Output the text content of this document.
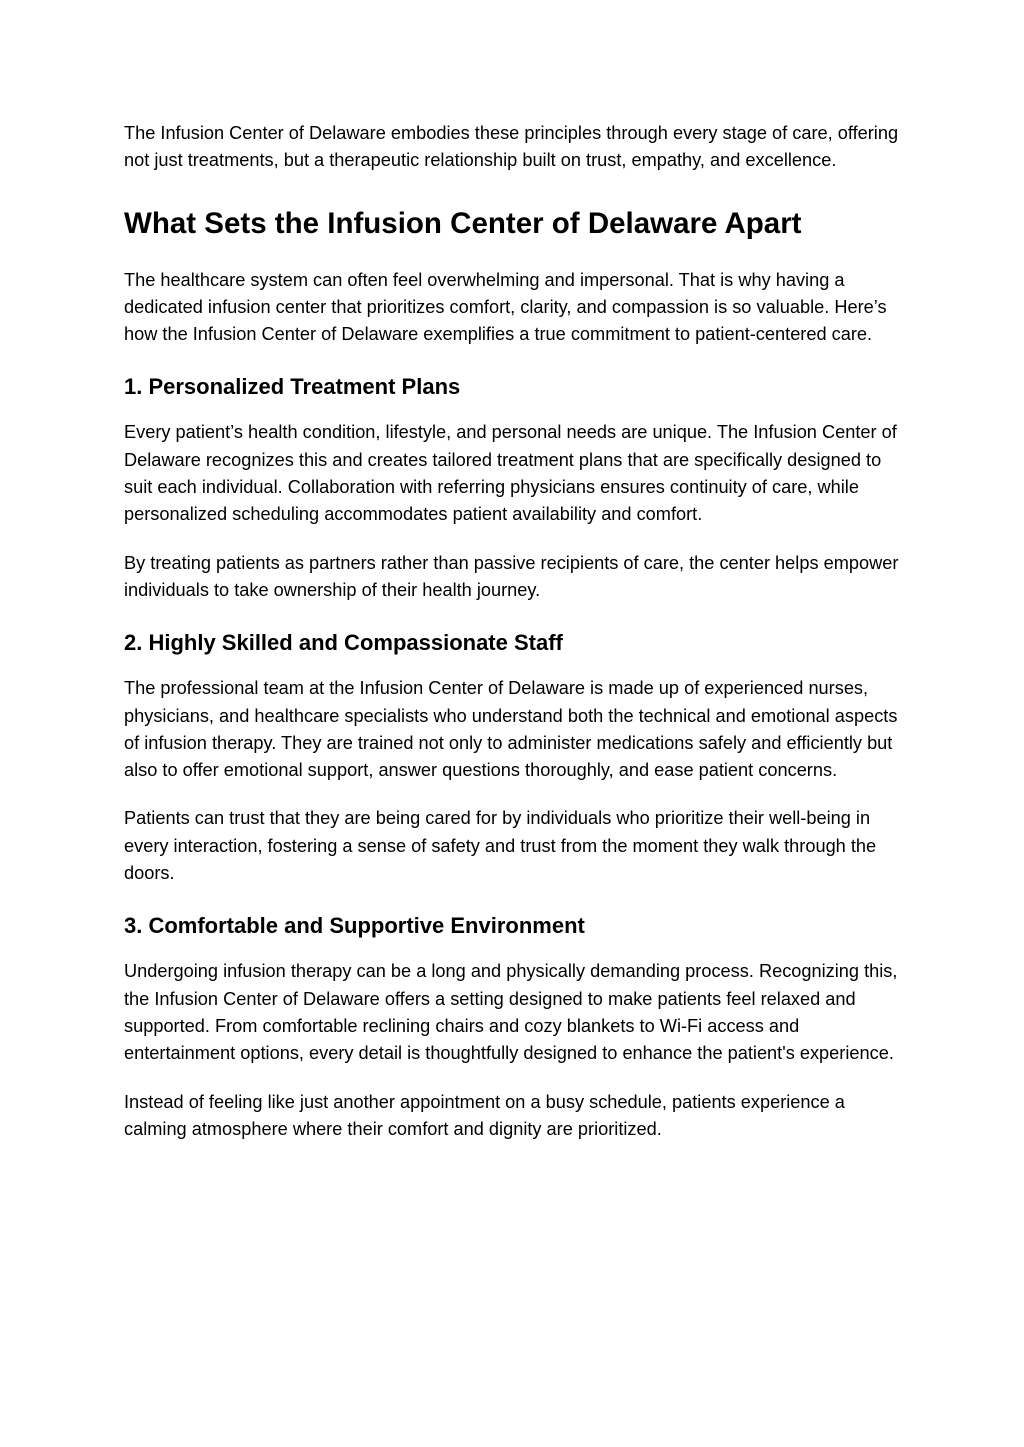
The Infusion Center of Delaware embodies these principles through every stage of care, offering not just treatments, but a therapeutic relationship built on trust, empathy, and excellence.

What Sets the Infusion Center of Delaware Apart

The healthcare system can often feel overwhelming and impersonal. That is why having a dedicated infusion center that prioritizes comfort, clarity, and compassion is so valuable. Here’s how the Infusion Center of Delaware exemplifies a true commitment to patient-centered care.

1. Personalized Treatment Plans

Every patient’s health condition, lifestyle, and personal needs are unique. The Infusion Center of Delaware recognizes this and creates tailored treatment plans that are specifically designed to suit each individual. Collaboration with referring physicians ensures continuity of care, while personalized scheduling accommodates patient availability and comfort.

By treating patients as partners rather than passive recipients of care, the center helps empower individuals to take ownership of their health journey.

2. Highly Skilled and Compassionate Staff

The professional team at the Infusion Center of Delaware is made up of experienced nurses, physicians, and healthcare specialists who understand both the technical and emotional aspects of infusion therapy. They are trained not only to administer medications safely and efficiently but also to offer emotional support, answer questions thoroughly, and ease patient concerns.

Patients can trust that they are being cared for by individuals who prioritize their well-being in every interaction, fostering a sense of safety and trust from the moment they walk through the doors.

3. Comfortable and Supportive Environment

Undergoing infusion therapy can be a long and physically demanding process. Recognizing this, the Infusion Center of Delaware offers a setting designed to make patients feel relaxed and supported. From comfortable reclining chairs and cozy blankets to Wi-Fi access and entertainment options, every detail is thoughtfully designed to enhance the patient's experience.

Instead of feeling like just another appointment on a busy schedule, patients experience a calming atmosphere where their comfort and dignity are prioritized.
